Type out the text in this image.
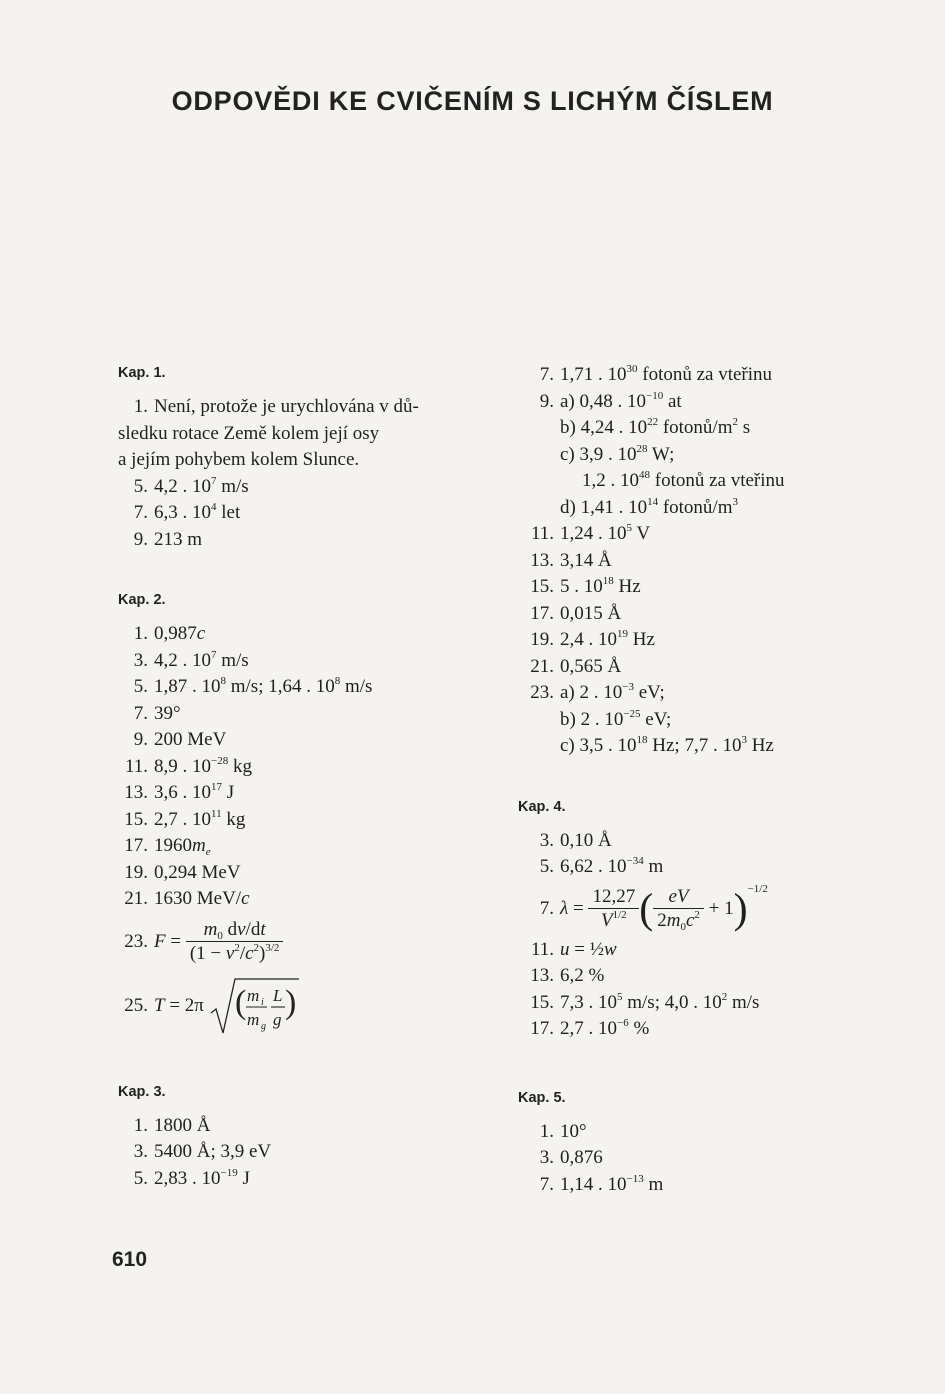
ODPOVĚDI KE CVIČENÍM S LICHÝM ČÍSLEM
Kap. 1.
1. Není, protože je urychlována v dů-
sledku rotace Země kolem její osy
a jejím pohybem kolem Slunce.
5. 4,2 . $10^7$ m/s
7. 6,3 . $10^4$ let
9. 213 m
Kap. 2.
1. 0,987c
3. 4,2 . $10^7$ m/s
5. 1,87 . $10^8$ m/s; 1,64 . $10^8$ m/s
7. 39°
9. 200 MeV
11. 8,9 . $10^{-28}$ kg
13. 3,6 . $10^{17}$ J
15. 2,7 . $10^{11}$ kg
17. $1960m_e$
19. 0,294 MeV
21. 1630 MeV/c
23. $F = \frac{m_0 dv/dt}{(1 - v^2/c^2)^{3/2}}$
25. T = 2π ( m i
m g
L
g )
Kap. 3.
1. 1800 Å
3. 5400 Å; 3,9 eV
5. 2,83 . $10^{-19}$ J
7. 1,71 . $10^{30}$ fotonů za vteřinu
9. a) 0,48 . $10^{-10}$ at
b) 4,24 . $10^{22}$ fotonů/$m^2$ s
c) 3,9 . $10^{28}$ W;
1,2 . $10^{48}$ fotonů za vteřinu
d) 1,41 . $10^{14}$ fotonů/$m^3$
11. 1,24 . $10^5$ V
13. 3,14 Å
15. 5 . $10^{18}$ Hz
17. 0,015 Å
19. 2,4 . $10^{19}$ Hz
21. 0,565 Å
23. a) 2 . $10^{-3}$ eV;
b) 2 . $10^{-25}$ eV;
c) 3,5 . $10^{18}$ Hz; 7,7 . $10^3$ Hz
Kap. 4.
3. 0,10 Å
5. 6,62 . $10^{-34}$ m
7. $\lambda = \frac{12,27}{V^{1/2}}$ ( $\frac{eV}{2m_0c^2} + 1)^{-1/2}$
11. u = ½w
13. 6,2 %
15. 7,3 . $10^5$ m/s; 4,0 . $10^2$ m/s
17. 2,7 . $10^{-6}$ %
Kap. 5.
1. 10°
3. 0,876
7. 1,14 . $10^{-13}$ m
610
